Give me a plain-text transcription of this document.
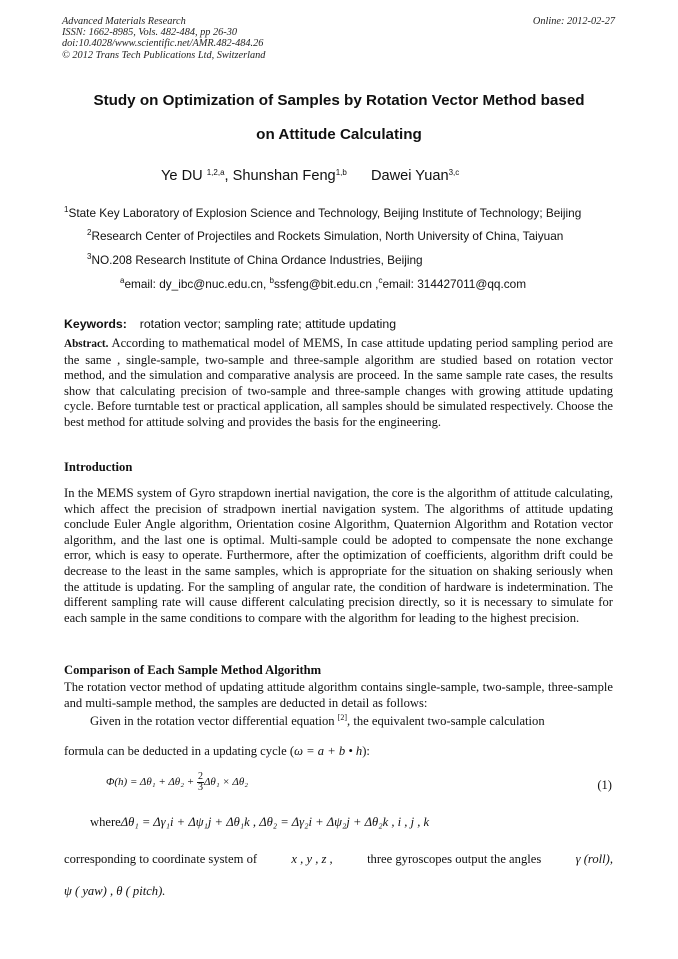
Advanced Materials Research
ISSN: 1662-8985, Vols. 482-484, pp 26-30
doi:10.4028/www.scientific.net/AMR.482-484.26
© 2012 Trans Tech Publications Ltd, Switzerland
Online: 2012-02-27
Study on Optimization of Samples by Rotation Vector Method based
on Attitude Calculating
Ye DU $^{1,2,a}$, Shunshan Feng$^{1,b}$ Dawei Yuan$^{3,c}$
$^1$State Key Laboratory of Explosion Science and Technology, Beijing Institute of Technology; Beijing
$^2$Research Center of Projectiles and Rockets Simulation, North University of China, Taiyuan
$^3$NO.208 Research Institute of China Ordance Industries, Beijing
$^a$email: dy_ibc@nuc.edu.cn, $^b$ssfeng@bit.edu.cn ,$^c$email: 314427011@qq.com
Keywords: rotation vector; sampling rate; attitude updating
Abstract. According to mathematical model of MEMS, In case attitude updating period sampling period are the same , single-sample, two-sample and three-sample algorithm are studied based on rotation vector method, and the simulation and comparative analysis are proceed. In the same sample rate cases, the results show that calculating precision of two-sample and three-sample changes with growing attitude updating cycle. Before turntable test or practical application, all samples should be simulated respectively. Choose the best method for attitude solving and provides the basis for the engineering.
Introduction
In the MEMS system of Gyro strapdown inertial navigation, the core is the algorithm of attitude calculating, which affect the precision of stradpown inertial navigation system. The algorithms of attitude updating conclude Euler Angle algorithm, Orientation cosine Algorithm, Quaternion Algorithm and Rotation vector algorithm, and the last one is optimal. Multi-sample could be adopted to compensate the none exchange error, which is easy to operate. Furthermore, after the optimization of coefficients, algorithm drift could be decrease to the least in the same samples, which is appropriate for the situation on shaking seriously when the attitude is updating. For the sampling of angular rate, the condition of hardware is indetermination. The different sampling rate will cause different calculating precision directly, so it is necessary to simulate for each sample in the same conditions to compare with the algorithm for leading to the highest precision.
Comparison of Each Sample Method Algorithm
The rotation vector method of updating attitude algorithm contains single-sample, two-sample, three-sample and multi-sample method, the samples are deducted in detail as follows:
Given in the rotation vector differential equation [2], the equivalent two-sample calculation
formula can be deducted in a updating cycle (ω = a + b • h):
$\Phi(h) = \Delta\theta_1 + \Delta\theta_2 + \frac{2}{3} \Delta\theta_1 \times \Delta\theta_2$	(1)
whereΔθ₁ = Δγ₁i + Δψ₁j + Δθ₁k , Δθ₂ = Δγ₂i + Δψ₂j + Δθ₂k , i , j , k
corresponding to coordinate system of	x , y , z ,	three gyroscopes output the angles	γ (roll),
ψ ( yaw) , θ ( pitch).
